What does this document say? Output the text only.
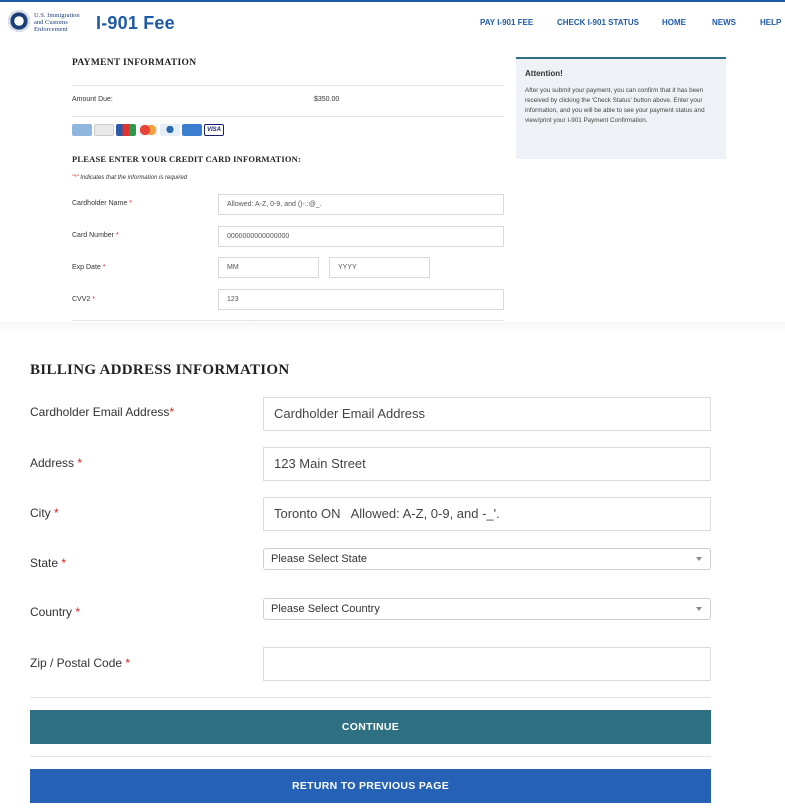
U.S. Immigration
and Customs
Enforcement	I-901 Fee	PAY I-901 FEE	CHECK I-901 STATUS	HOME	NEWS	HELP
PAYMENT INFORMATION
Amount Due:	$350.00
VISA
PLEASE ENTER YOUR CREDIT CARD INFORMATION:
"*" Indicates that the information is required
Cardholder Name *	Allowed: A-Z, 0-9, and ()-.:@_.
Card Number *	0000000000000000
Exp Date *	MM	YYYY
CVV2 *	123
Attention!
After you submit your payment, you can confirm that it has been received by clicking the 'Check Status' button above. Enter your information, and you will be able to see your payment status and view/print your I-901 Payment Confirmation.
BILLING ADDRESS INFORMATION
Cardholder Email Address*	Cardholder Email Address
Address *	123 Main Street
City *	Toronto ON   Allowed: A-Z, 0-9, and -_'.
State *	Please Select State
Country *	Please Select Country
Zip / Postal Code *
CONTINUE
RETURN TO PREVIOUS PAGE
